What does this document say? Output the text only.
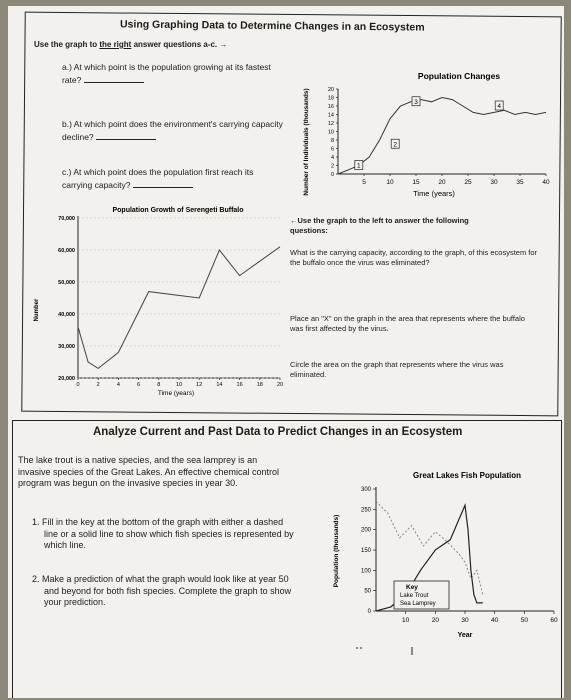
Using Graphing Data to Determine Changes in an Ecosystem
Use the graph to the right answer questions a-c. →
a.) At which point is the population growing at its fastest rate?
b.) At which point does the environment's carrying capacity decline?
c.) At which point does the population first reach its carrying capacity?
Population Changes
Number of Individuals (thousands)	20
18
16
14
12
10
8
6
4
2
0
5	10	15	20	25	30	35	40
1
2
3
4
Time (years)
Population Growth of Serengeti Buffalo
Number
70,000
60,000
50,000
40,000
30,000
20,000
0	2	4	6	8	10	12	14	16	18	20
Time (years)
←Use the graph to the left to answer the following questions:
What is the carrying capacity, according to the graph, of this ecosystem for the buffalo once the virus was eliminated?
Place an "X" on the graph in the area that represents where the buffalo was first affected by the virus.
Circle the area on the graph that represents where the virus was eliminated.
Analyze Current and Past Data to Predict Changes in an Ecosystem
The lake trout is a native species, and the sea lamprey is an invasive species of the Great Lakes. An effective chemical control program was begun on the invasive species in year 30.
1. Fill in the key at the bottom of the graph with either a dashed line or a solid line to show which fish species is represented by which line.
2. Make a prediction of what the graph would look like at year 50 and beyond for both fish species. Complete the graph to show your prediction.
Great Lakes Fish Population
Population (thousands)
300
250
200
150
100
50
0
10	20	30	40	50	60
Key
Lake Trout
Sea Lamprey
Year
